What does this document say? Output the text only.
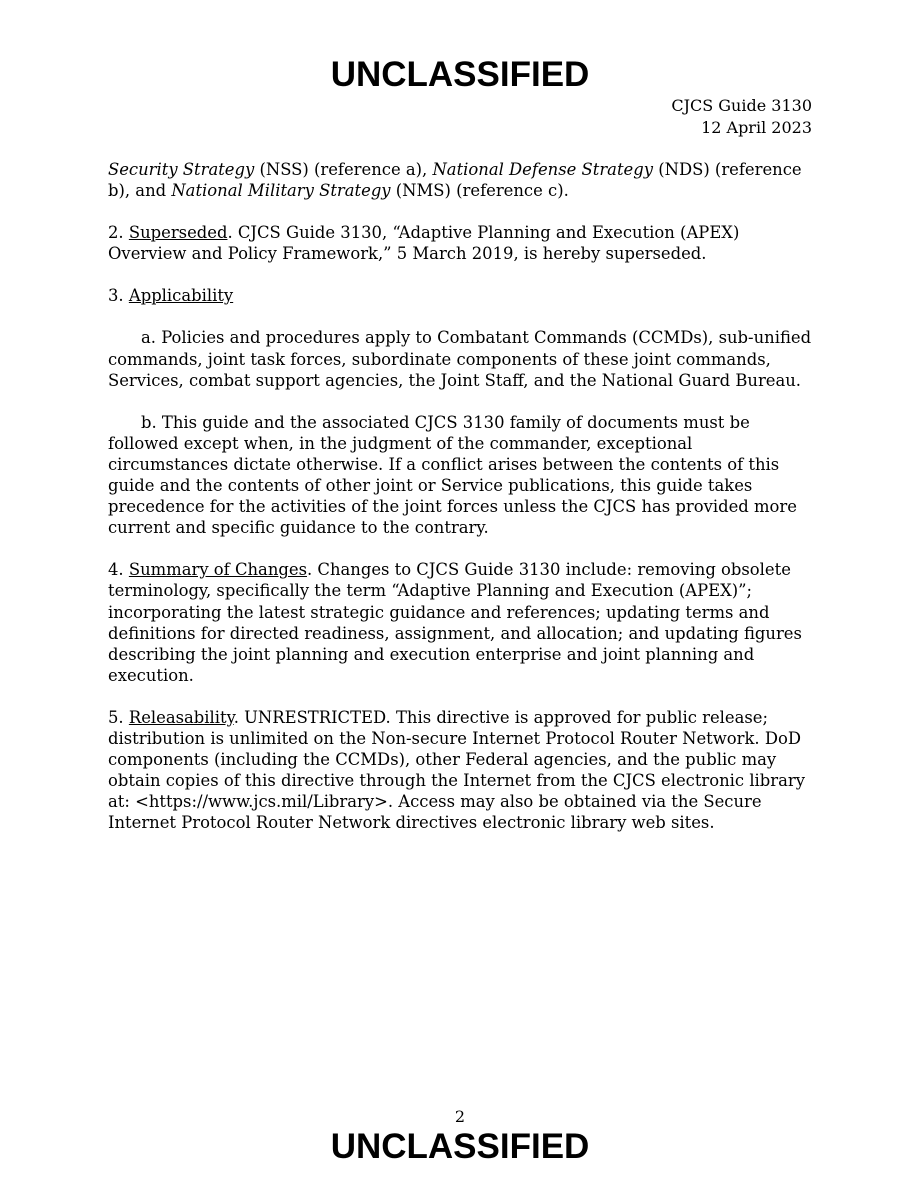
UNCLASSIFIED
CJCS Guide 3130
12 April 2023

Security Strategy (NSS) (reference a), National Defense Strategy (NDS) (reference b), and National Military Strategy (NMS) (reference c).

2. Superseded. CJCS Guide 3130, “Adaptive Planning and Execution (APEX) Overview and Policy Framework,” 5 March 2019, is hereby superseded.

3. Applicability

a. Policies and procedures apply to Combatant Commands (CCMDs), sub-unified commands, joint task forces, subordinate components of these joint commands, Services, combat support agencies, the Joint Staff, and the National Guard Bureau.

b. This guide and the associated CJCS 3130 family of documents must be followed except when, in the judgment of the commander, exceptional circumstances dictate otherwise. If a conflict arises between the contents of this guide and the contents of other joint or Service publications, this guide takes precedence for the activities of the joint forces unless the CJCS has provided more current and specific guidance to the contrary.

4. Summary of Changes. Changes to CJCS Guide 3130 include: removing obsolete terminology, specifically the term “Adaptive Planning and Execution (APEX)”; incorporating the latest strategic guidance and references; updating terms and definitions for directed readiness, assignment, and allocation; and updating figures describing the joint planning and execution enterprise and joint planning and execution.

5. Releasability. UNRESTRICTED. This directive is approved for public release; distribution is unlimited on the Non-secure Internet Protocol Router Network. DoD components (including the CCMDs), other Federal agencies, and the public may obtain copies of this directive through the Internet from the CJCS electronic library at: <https://www.jcs.mil/Library>. Access may also be obtained via the Secure Internet Protocol Router Network directives electronic library web sites.

2
UNCLASSIFIED
